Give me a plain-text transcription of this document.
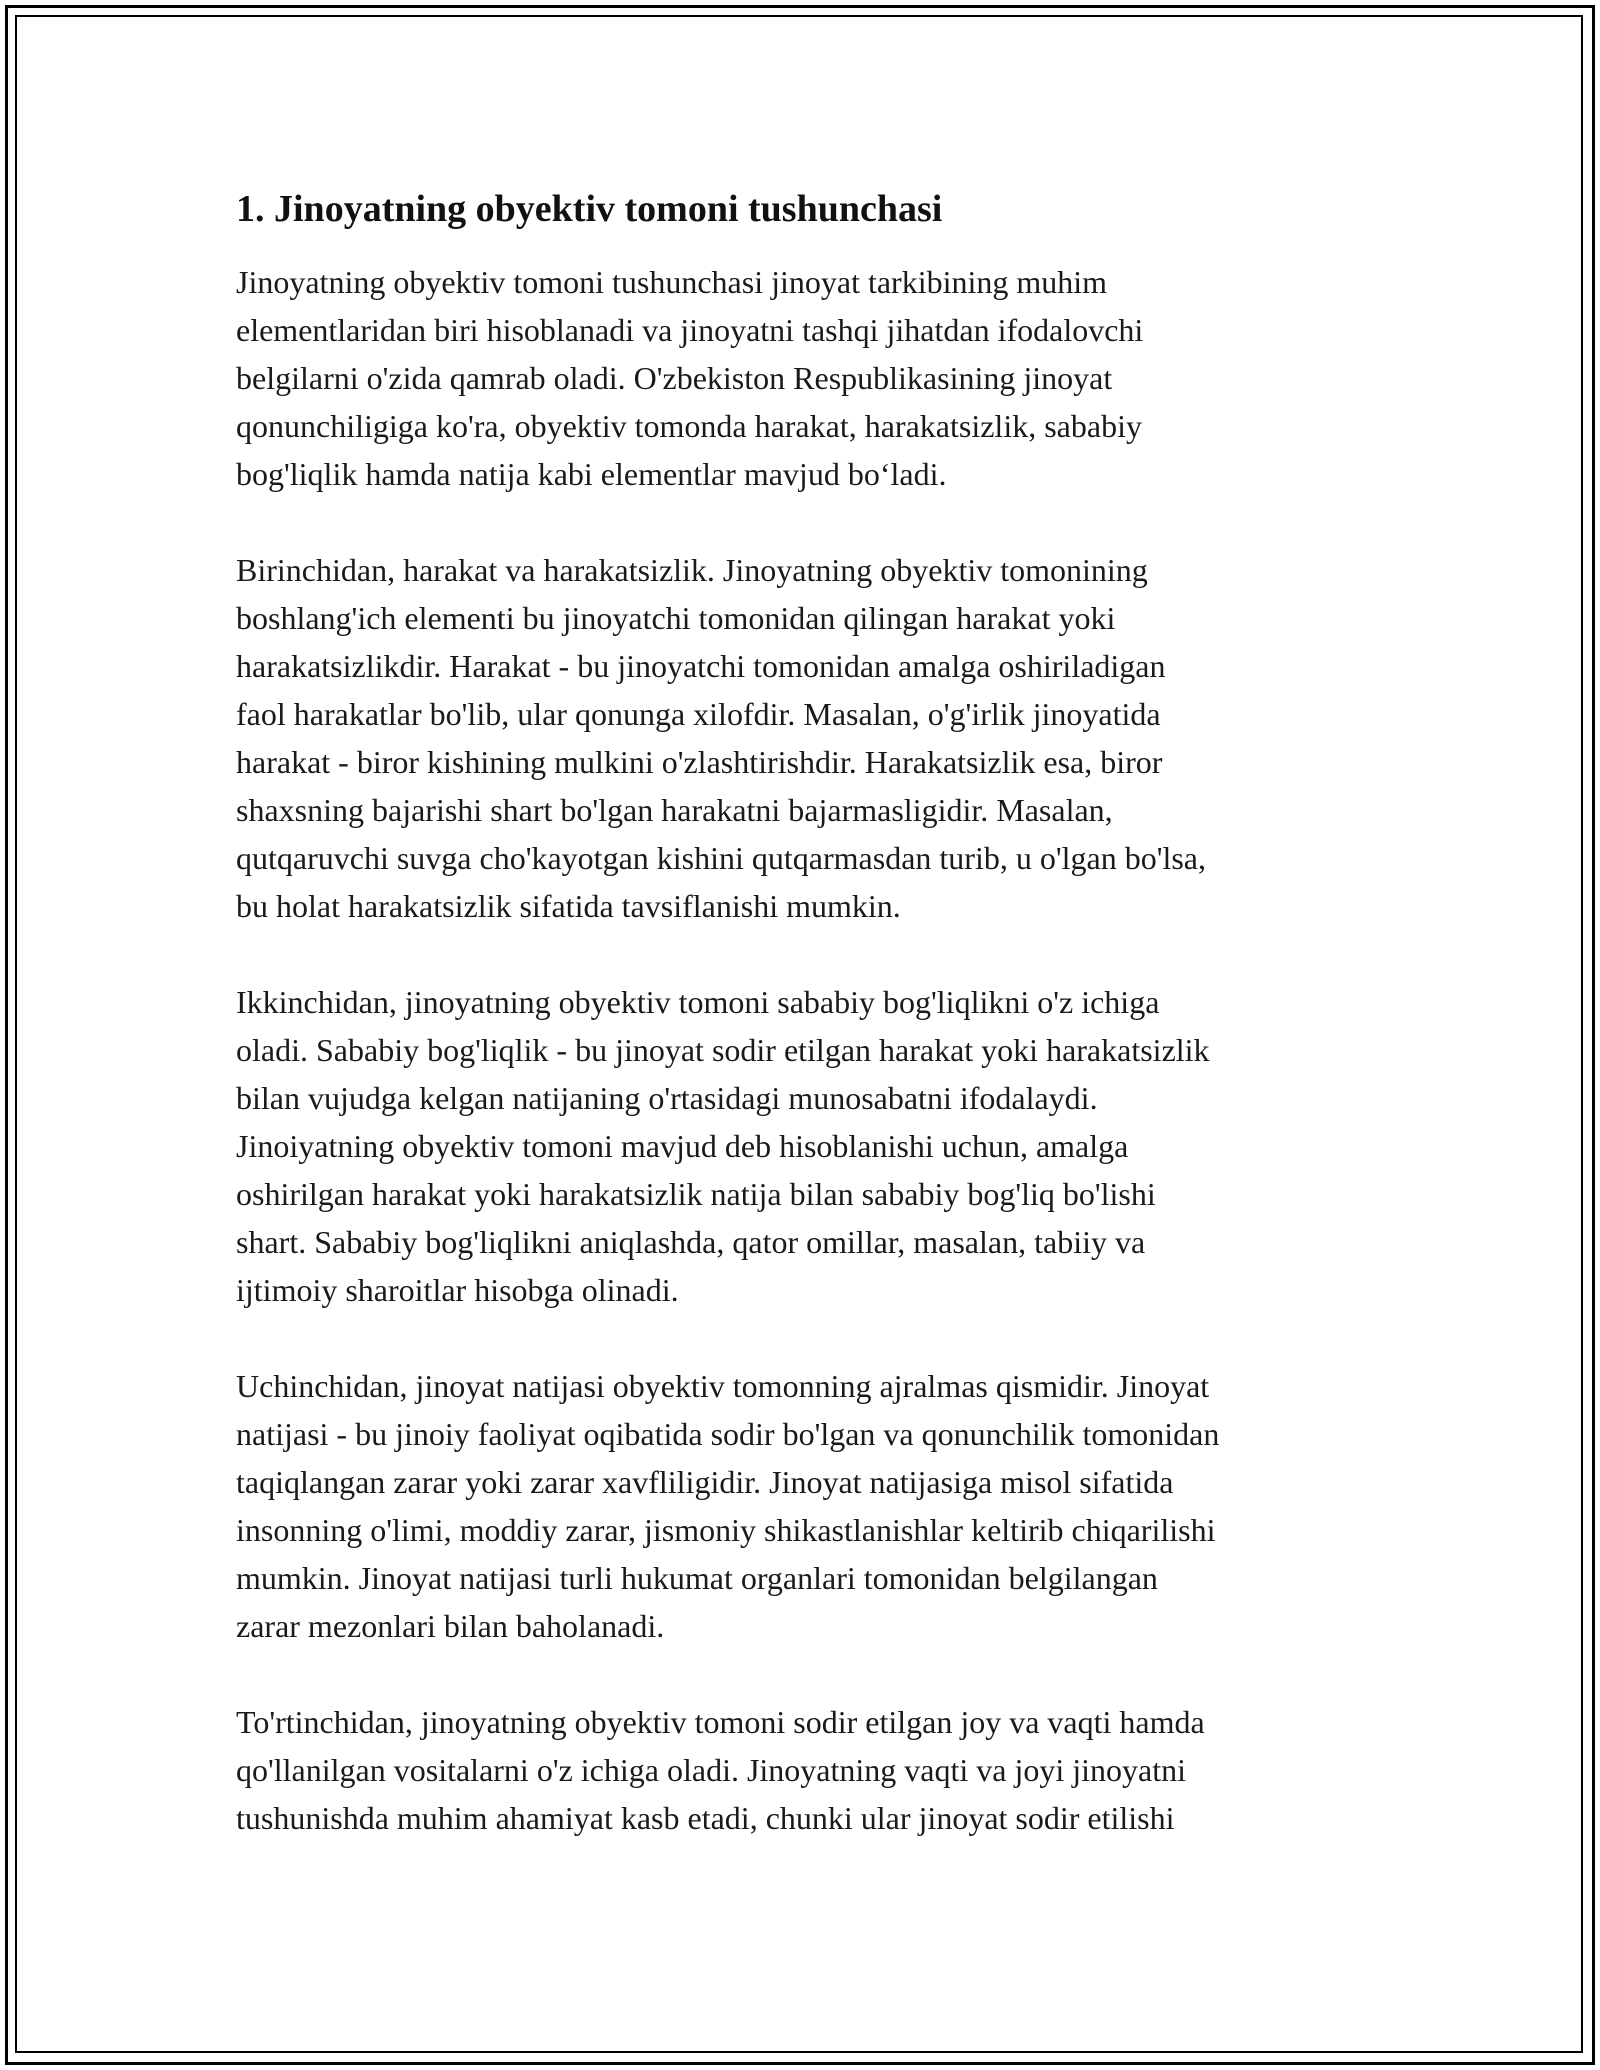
1. Jinoyatning obyektiv tomoni tushunchasi

Jinoyatning obyektiv tomoni tushunchasi jinoyat tarkibining muhim
elementlaridan biri hisoblanadi va jinoyatni tashqi jihatdan ifodalovchi
belgilarni o'zida qamrab oladi. O'zbekiston Respublikasining jinoyat
qonunchiligiga ko'ra, obyektiv tomonda harakat, harakatsizlik, sababiy
bog'liqlik hamda natija kabi elementlar mavjud bo‘ladi.

Birinchidan, harakat va harakatsizlik. Jinoyatning obyektiv tomonining
boshlang'ich elementi bu jinoyatchi tomonidan qilingan harakat yoki
harakatsizlikdir. Harakat - bu jinoyatchi tomonidan amalga oshiriladigan
faol harakatlar bo'lib, ular qonunga xilofdir. Masalan, o'g'irlik jinoyatida
harakat - biror kishining mulkini o'zlashtirishdir. Harakatsizlik esa, biror
shaxsning bajarishi shart bo'lgan harakatni bajarmasligidir. Masalan,
qutqaruvchi suvga cho'kayotgan kishini qutqarmasdan turib, u o'lgan bo'lsa,
bu holat harakatsizlik sifatida tavsiflanishi mumkin.

Ikkinchidan, jinoyatning obyektiv tomoni sababiy bog'liqlikni o'z ichiga
oladi. Sababiy bog'liqlik - bu jinoyat sodir etilgan harakat yoki harakatsizlik
bilan vujudga kelgan natijaning o'rtasidagi munosabatni ifodalaydi.
Jinoiyatning obyektiv tomoni mavjud deb hisoblanishi uchun, amalga
oshirilgan harakat yoki harakatsizlik natija bilan sababiy bog'liq bo'lishi
shart. Sababiy bog'liqlikni aniqlashda, qator omillar, masalan, tabiiy va
ijtimoiy sharoitlar hisobga olinadi.

Uchinchidan, jinoyat natijasi obyektiv tomonning ajralmas qismidir. Jinoyat
natijasi - bu jinoiy faoliyat oqibatida sodir bo'lgan va qonunchilik tomonidan
taqiqlangan zarar yoki zarar xavfliligidir. Jinoyat natijasiga misol sifatida
insonning o'limi, moddiy zarar, jismoniy shikastlanishlar keltirib chiqarilishi
mumkin. Jinoyat natijasi turli hukumat organlari tomonidan belgilangan
zarar mezonlari bilan baholanadi.

To'rtinchidan, jinoyatning obyektiv tomoni sodir etilgan joy va vaqti hamda
qo'llanilgan vositalarni o'z ichiga oladi. Jinoyatning vaqti va joyi jinoyatni
tushunishda muhim ahamiyat kasb etadi, chunki ular jinoyat sodir etilishi
